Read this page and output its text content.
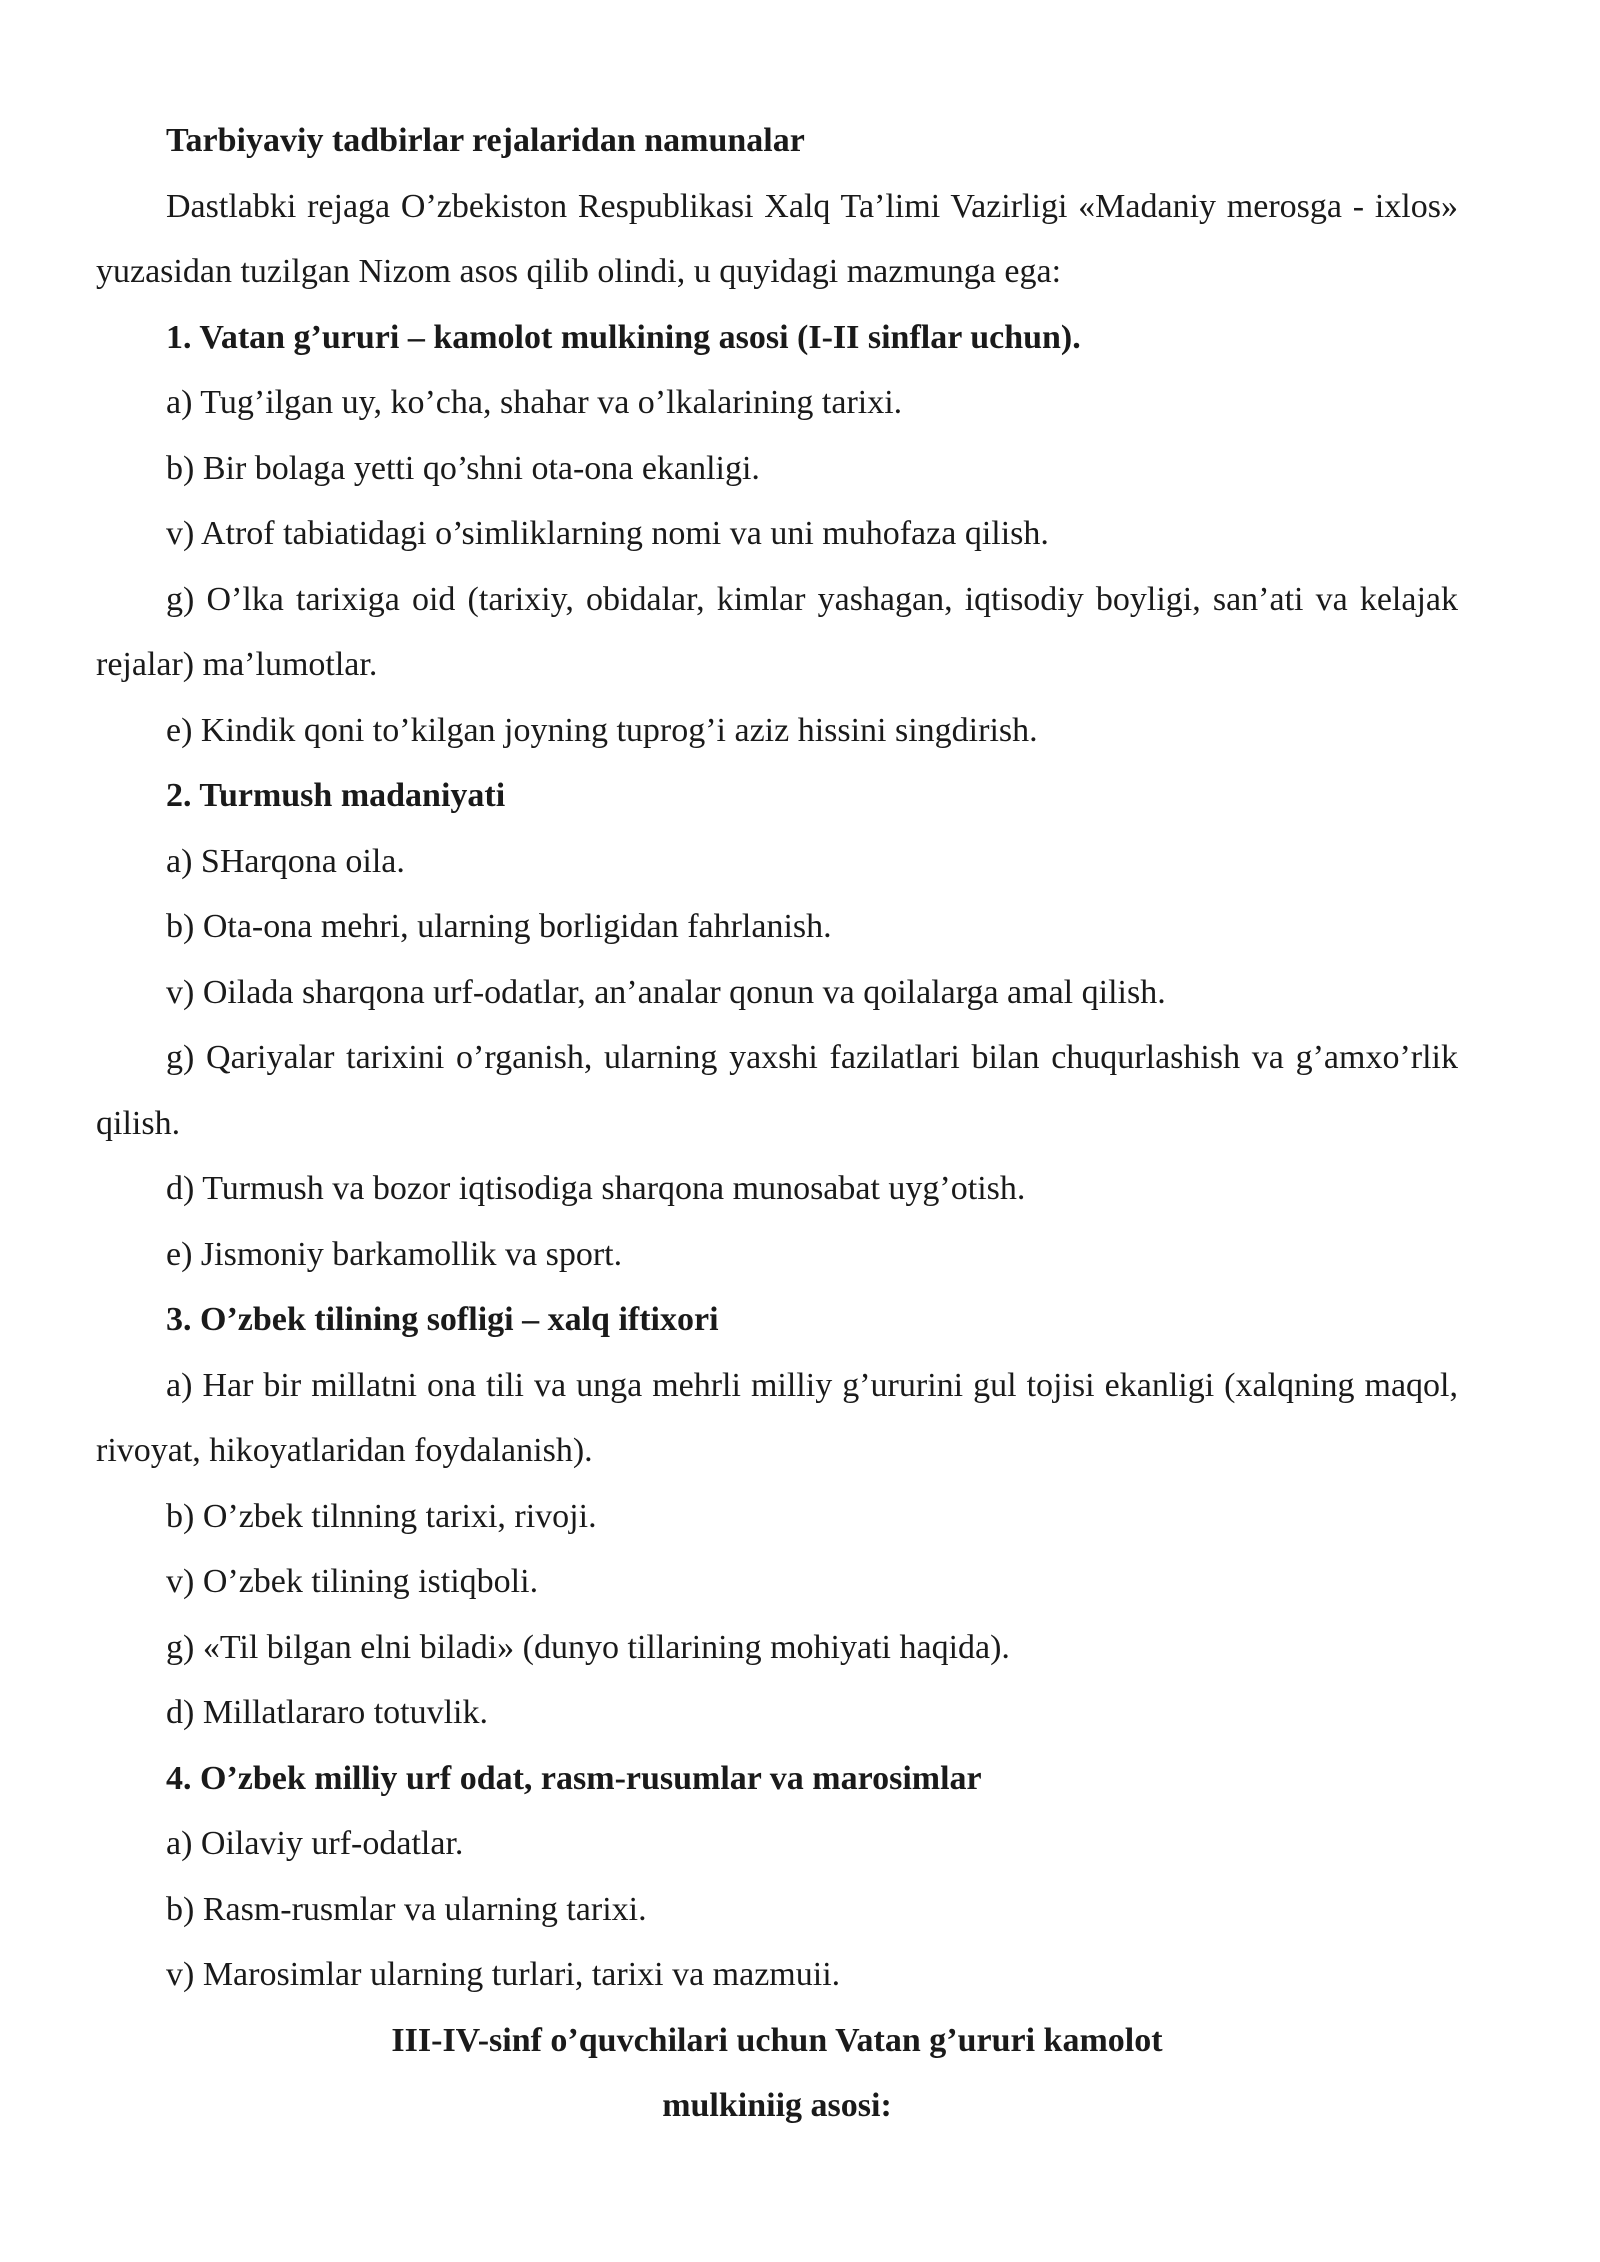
Tarbiyaviy tadbirlar rejalaridan namunalar

Dastlabki rejaga O’zbekiston Respublikasi Xalq Ta’limi Vazirligi «Madaniy merosga - ixlos» yuzasidan tuzilgan Nizom asos qilib olindi, u quyidagi mazmunga ega:

1. Vatan g’ururi – kamolot mulkining asosi (I-II sinflar uchun).

a) Tug’ilgan uy, ko’cha, shahar va o’lkalarining tarixi.

b) Bir bolaga yetti qo’shni ota-ona ekanligi.

v) Atrof tabiatidagi o’simliklarning nomi va uni muhofaza qilish.

g) O’lka tarixiga oid (tarixiy, obidalar, kimlar yashagan, iqtisodiy boyligi, san’ati va kelajak rejalar) ma’lumotlar.

e) Kindik qoni to’kilgan joyning tuprog’i aziz hissini singdirish.

2. Turmush madaniyati

a) SHarqona oila.

b) Ota-ona mehri, ularning borligidan fahrlanish.

v) Oilada sharqona urf-odatlar, an’analar qonun va qoilalarga amal qilish.

g) Qariyalar tarixini o’rganish, ularning yaxshi fazilatlari bilan chuqurlashish va g’amxo’rlik qilish.

d) Turmush va bozor iqtisodiga sharqona munosabat uyg’otish.

e) Jismoniy barkamollik va sport.

3. O’zbek tilining sofligi – xalq iftixori

a) Har bir millatni ona tili va unga mehrli milliy g’ururini gul tojisi ekanligi (xalqning maqol, rivoyat, hikoyatlaridan foydalanish).

b) O’zbek tilnning tarixi, rivoji.

v) O’zbek tilining istiqboli.

g) «Til bilgan elni biladi» (dunyo tillarining mohiyati haqida).

d) Millatlararo totuvlik.

4. O’zbek milliy urf odat, rasm-rusumlar va marosimlar

a) Oilaviy urf-odatlar.

b) Rasm-rusmlar va ularning tarixi.

v) Marosimlar ularning turlari, tarixi va mazmuii.

III-IV-sinf o’quvchilari uchun Vatan g’ururi kamolot

mulkiniig asosi:
